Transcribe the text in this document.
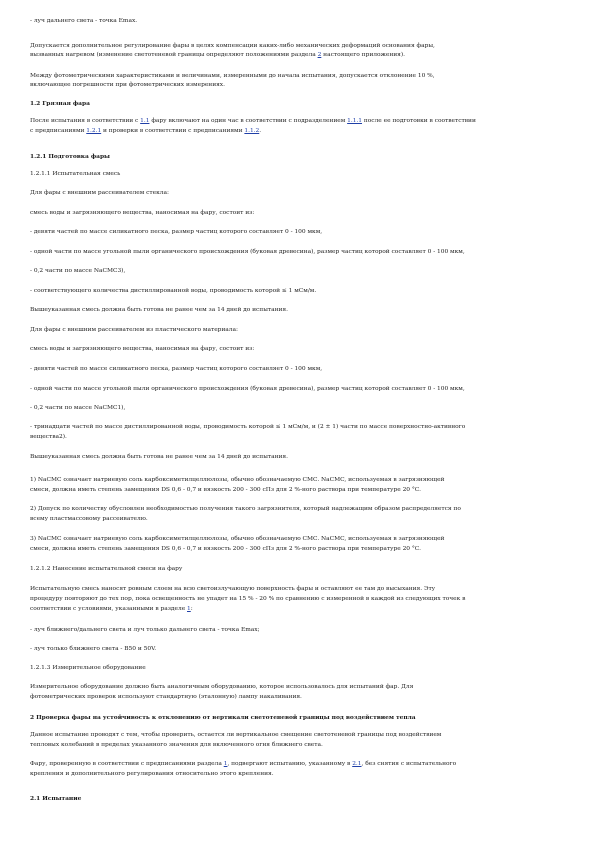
- луч дальнего света - точка Emax.
Допускается дополнительное регулирование фары в целях компенсации каких-либо механических деформаций основания фары,
вызванных нагревом (изменение светотеневой границы определяют положениями раздела 2 настоящего приложения).
Между фотометрическими характеристиками и величинами, измеренными до начала испытания, допускается отклонение 10 %,
включающее погрешности при фотометрических измерениях.
1.2 Грязная фара
После испытания в соответствии с 1.1 фару включают на один час в соответствии с подразделением 1.1.1 после ее подготовки в соответствии
с предписаниями 1.2.1 и проверки в соответствии с предписаниями 1.1.2.
1.2.1 Подготовка фары
1.2.1.1 Испытательная смесь
Для фары с внешним рассеивателем стекла:
смесь воды и загрязняющего вещества, наносимая на фару, состоит из:
- девяти частей по массе силикатного песка, размер частиц которого составляет 0 - 100 мкм,
- одной части по массе угольной пыли органического происхождения (буковая древесина), размер частиц которой составляет 0 - 100 мкм,
- 0,2 части по массе NaCMC3),
- соответствующего количества дистиллированной воды, проводимость которой ≤ 1 мСм/м.
Вышеуказанная смесь должна быть готова не ранее чем за 14 дней до испытания.
Для фары с внешним рассеивателем из пластического материала:
смесь воды и загрязняющего вещества, наносимая на фару, состоит из:
- девяти частей по массе силикатного песка, размер частиц которого составляет 0 - 100 мкм,
- одной части по массе угольной пыли органического происхождения (буковая древесина), размер частиц которой составляет 0 - 100 мкм,
- 0,2 части по массе NaCMC1),
- тринадцати частей по массе дистиллированной воды, проводимость которой ≤ 1 мСм/м, и (2 ± 1) части по массе поверхностно-активного
вещества2).
Вышеуказанная смесь должна быть готова не ранее чем за 14 дней до испытания.
1) NaCMC означает натриевую соль карбоксиметилцеллюлозы, обычно обозначаемую CMC. NaCMC, используемая в загрязняющей
смеси, должна иметь степень замещения DS 0,6 - 0,7 и вязкость 200 - 300 сПз для 2 %-ного раствора при температуре 20 °C.
2) Допуск по количеству обусловлен необходимостью получения такого загрязнителя, который надлежащим образом распределяется по
всему пластмассовому рассеивателю.
3) NaCMC означает натриевую соль карбоксиметилцеллюлозы, обычно обозначаемую CMC. NaCMC, используемая в загрязняющей
смеси, должна иметь степень замещения DS 0,6 - 0,7 и вязкость 200 - 300 сПз для 2 %-ного раствора при температуре 20 °C.
1.2.1.2 Нанесение испытательной смеси на фару
Испытательную смесь наносят ровным слоем на всю светоизлучающую поверхность фары и оставляют ее там до высыхания. Эту
процедуру повторяют до тех пор, пока освещенность не упадет на 15 % - 20 % по сравнению с измеренной в каждой из следующих точек в
соответствии с условиями, указанными в разделе 1:
- луч ближнего/дальнего света и луч только дальнего света - точка Emax;
- луч только ближнего света - B50 и 50V.
1.2.1.3 Измерительное оборудование
Измерительное оборудование должно быть аналогичным оборудованию, которое использовалось для испытаний фар. Для
фотометрических проверок используют стандартную (эталонную) лампу накаливания.
2 Проверка фары на устойчивость к отклонению от вертикали светотеневой границы под воздействием тепла
Данное испытание проводят с тем, чтобы проверить, остается ли вертикальное смещение светотеневой границы под воздействием
тепловых колебаний в пределах указанного значения для включенного огня ближнего света.
Фару, проверенную в соответствии с предписаниями раздела 1, подвергают испытанию, указанному в 2.1, без снятия с испытательного
крепления и дополнительного регулирования относительно этого крепления.
2.1 Испытание
